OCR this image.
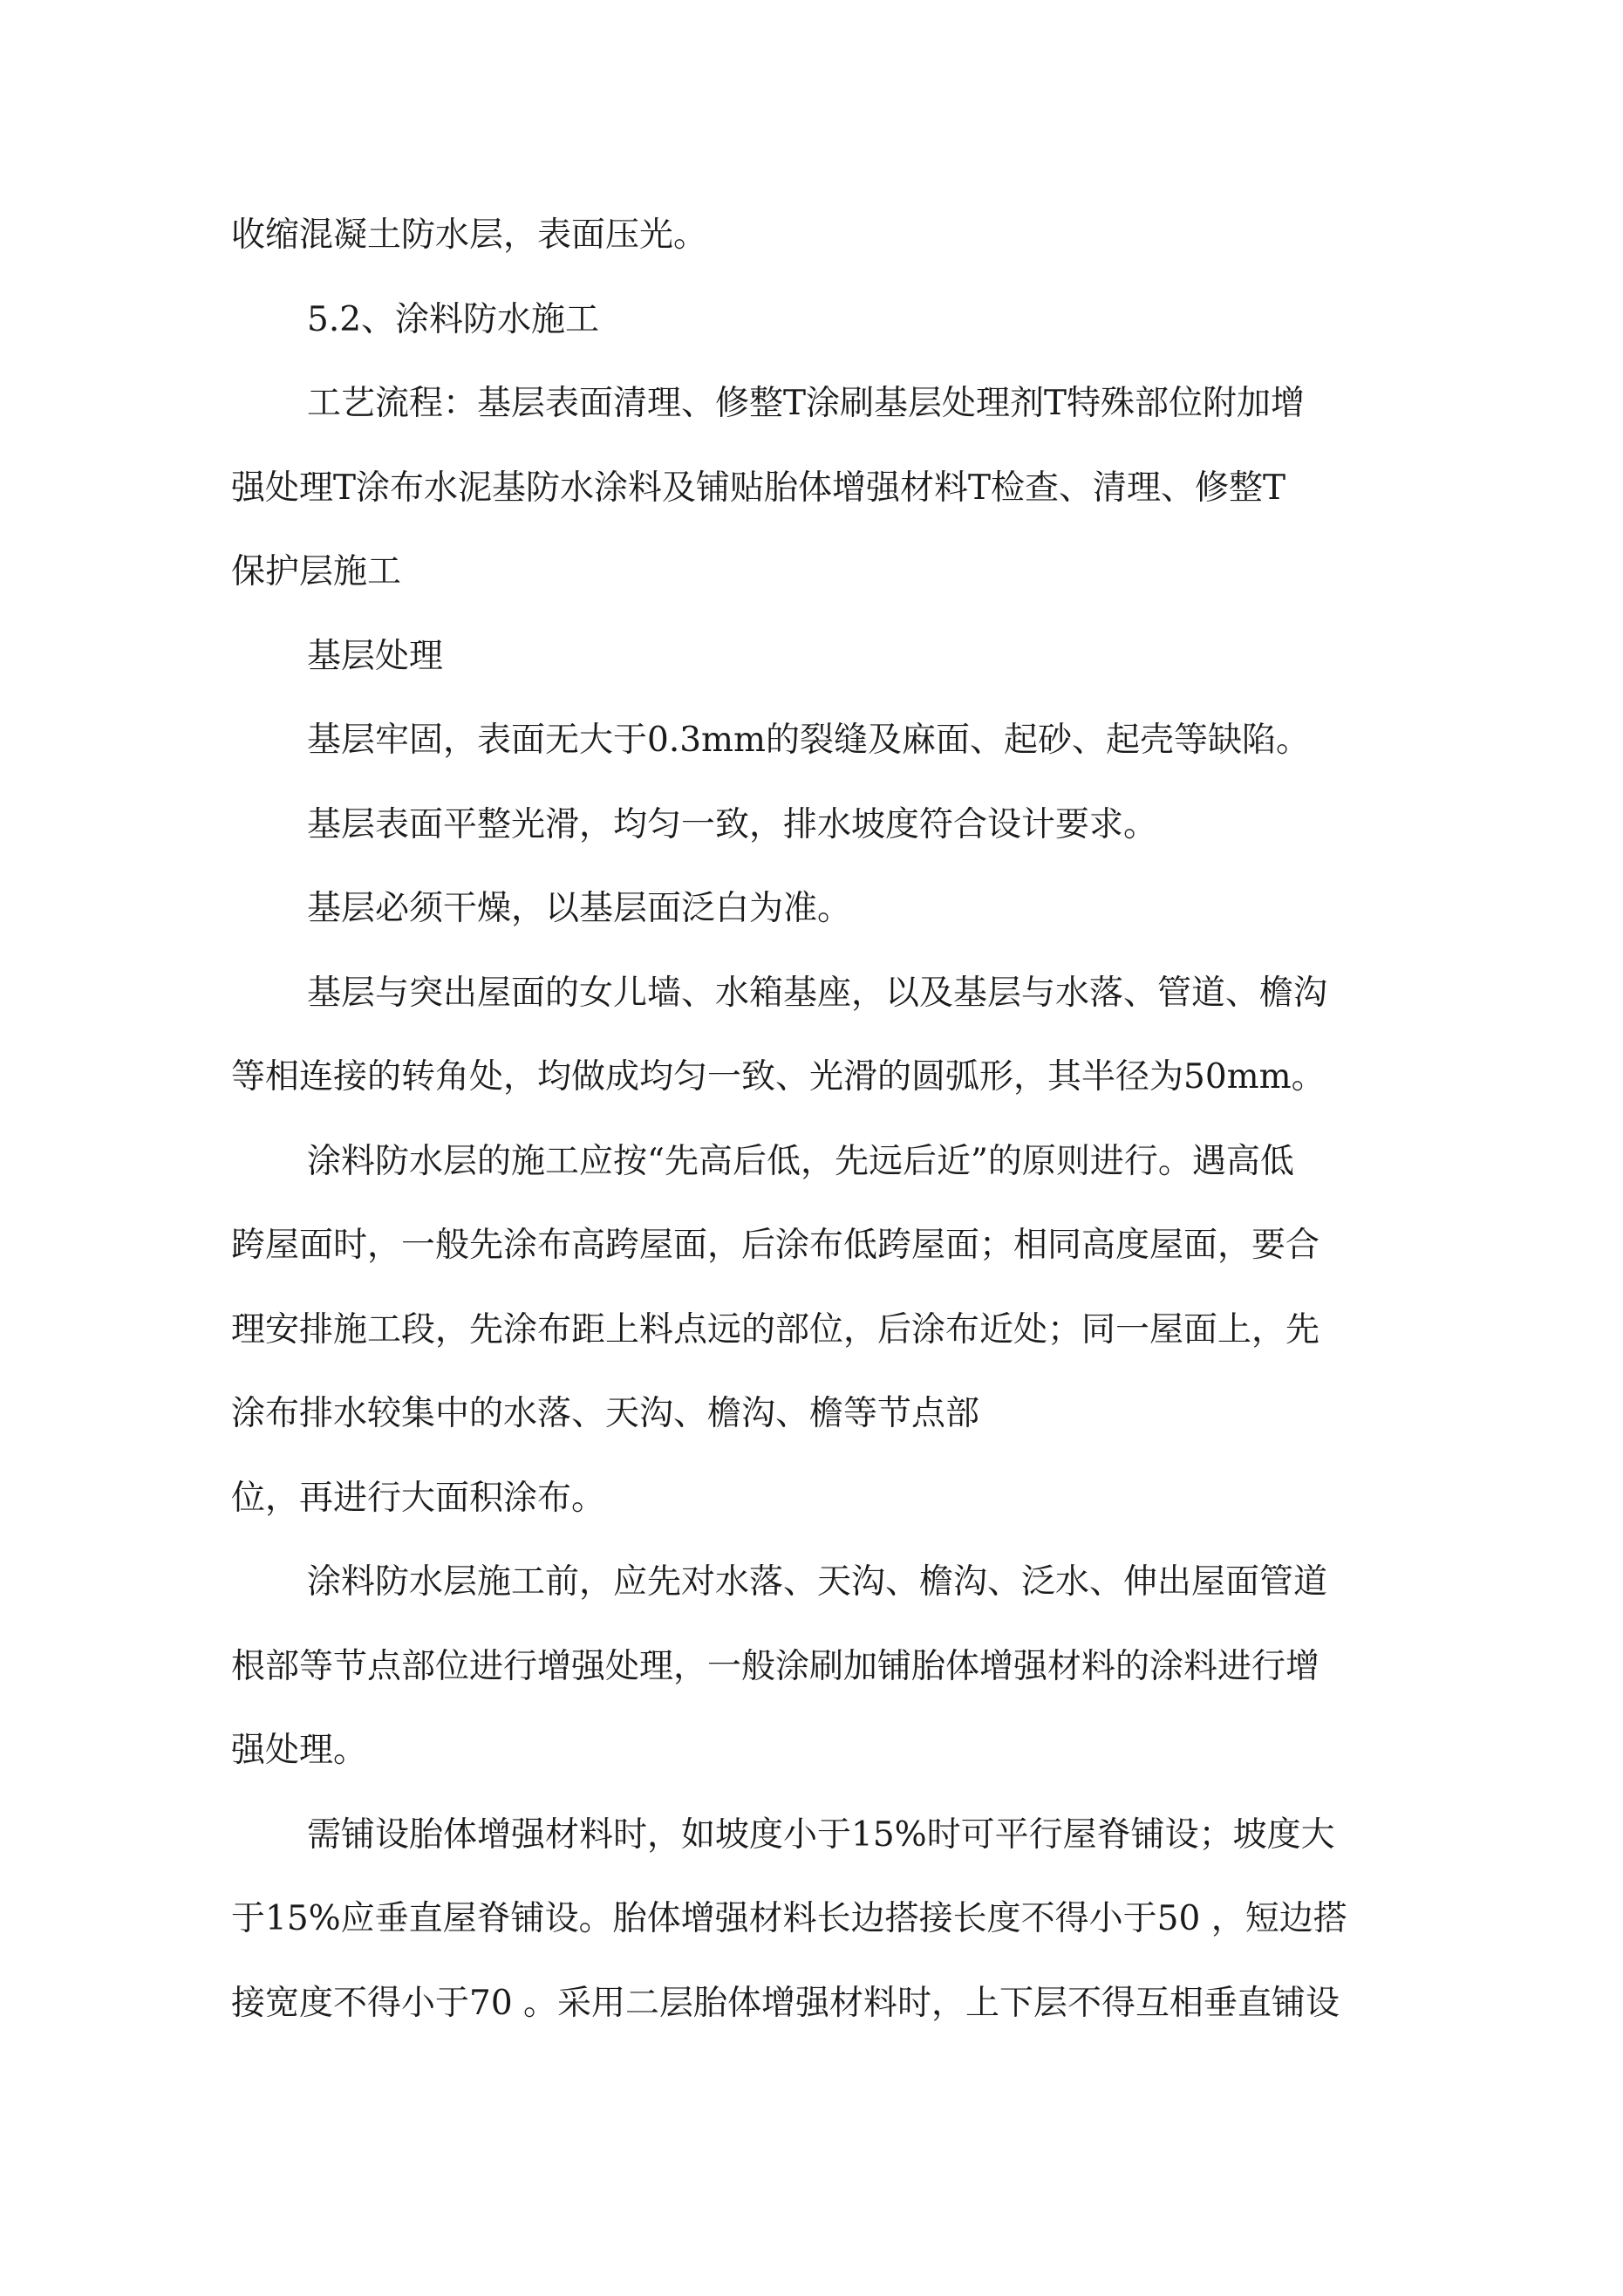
收缩混凝土防水层，表面压光。
5.2、涂料防水施工
工艺流程：基层表面清理、修整T涂刷基层处理剂T特殊部位附加增
强处理T涂布水泥基防水涂料及铺贴胎体增强材料T检查、清理、修整T
保护层施工
基层处理
基层牢固，表面无大于0.3mm的裂缝及麻面、起砂、起壳等缺陷。
基层表面平整光滑，均匀一致，排水坡度符合设计要求。
基层必须干燥，以基层面泛白为准。
基层与突出屋面的女儿墙、水箱基座，以及基层与水落、管道、檐沟
等相连接的转角处，均做成均匀一致、光滑的圆弧形，其半径为50mm。
涂料防水层的施工应按“先高后低，先远后近”的原则进行。遇高低
跨屋面时，一般先涂布高跨屋面，后涂布低跨屋面；相同高度屋面，要合
理安排施工段，先涂布距上料点远的部位，后涂布近处；同一屋面上，先
涂布排水较集中的水落、天沟、檐沟、檐等节点部
位，再进行大面积涂布。
涂料防水层施工前，应先对水落、天沟、檐沟、泛水、伸出屋面管道
根部等节点部位进行增强处理，一般涂刷加铺胎体增强材料的涂料进行增
强处理。
需铺设胎体增强材料时，如坡度小于15%时可平行屋脊铺设；坡度大
于15%应垂直屋脊铺设。胎体增强材料长边搭接长度不得小于50 ，短边搭
接宽度不得小于70 。采用二层胎体增强材料时，上下层不得互相垂直铺设
